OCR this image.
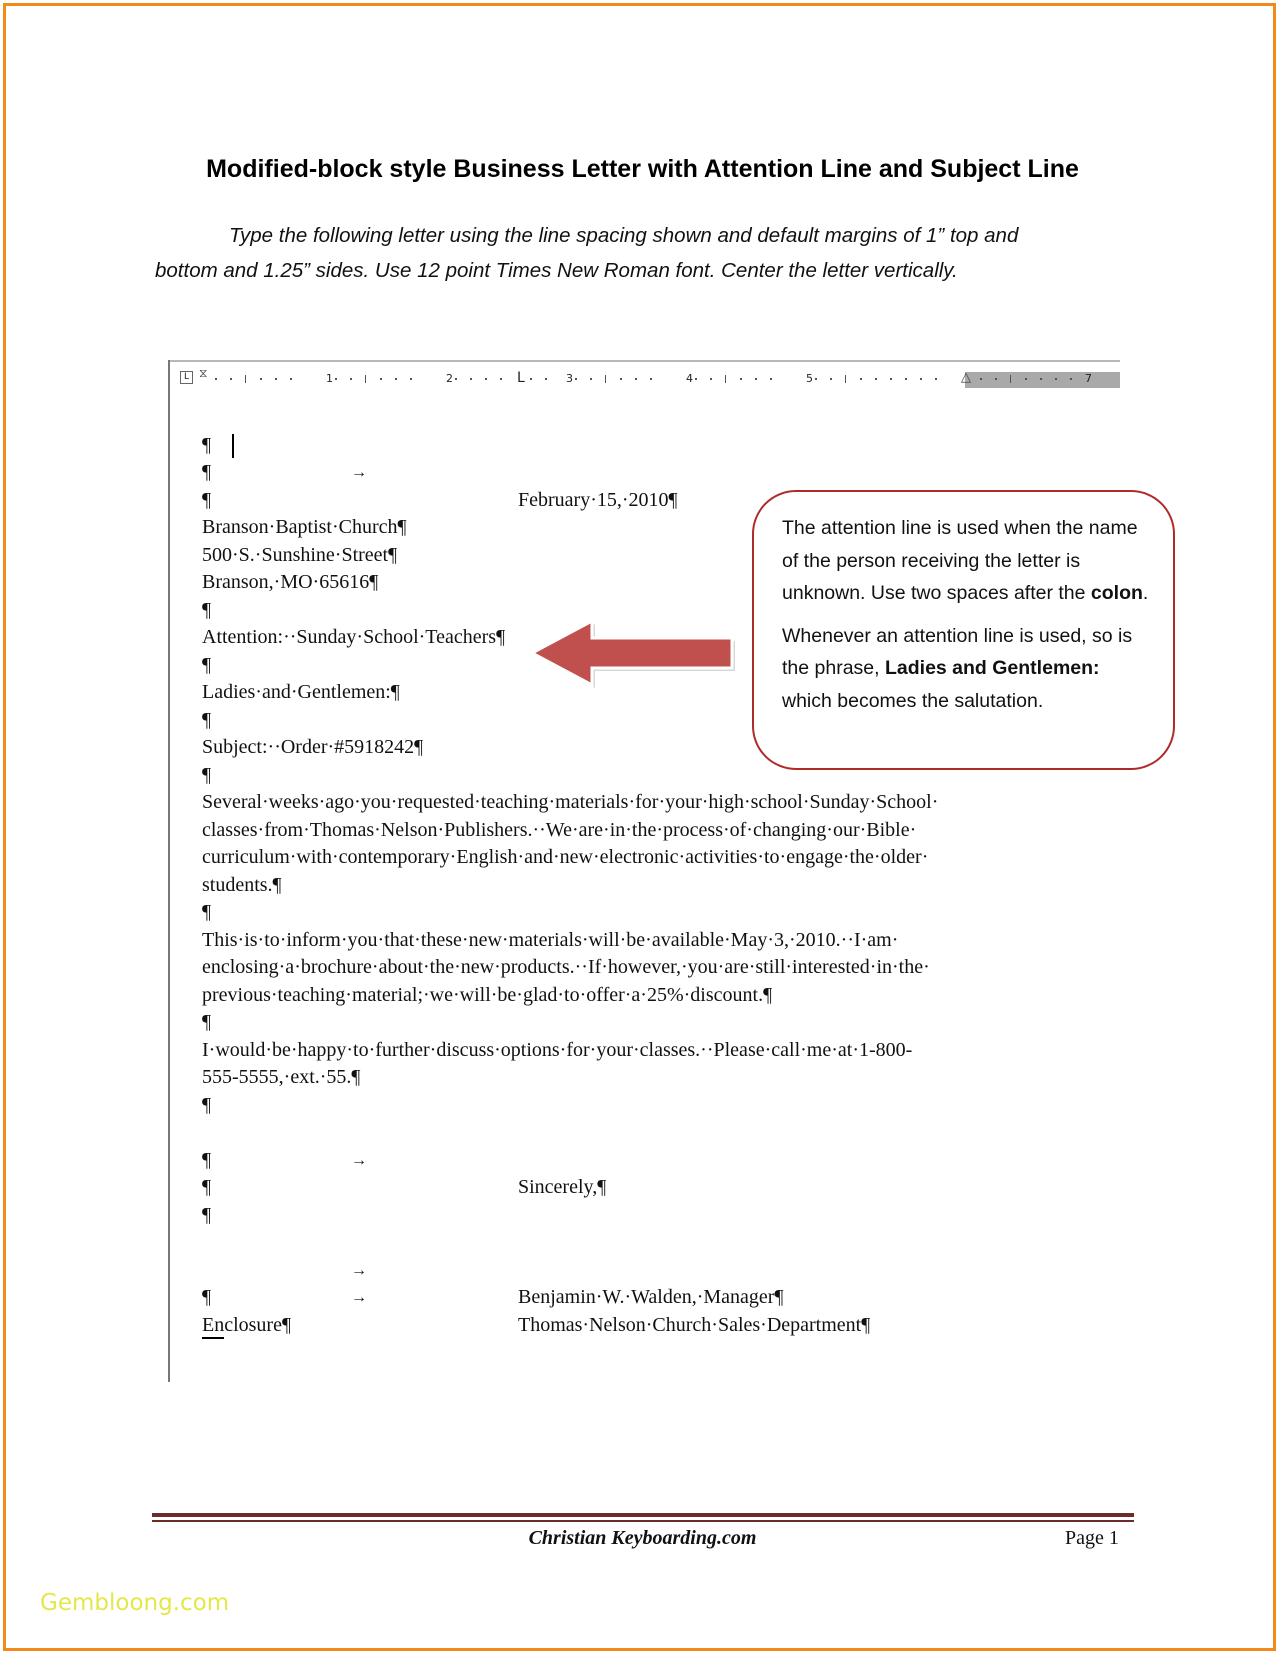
Modified-block style Business Letter with Attention Line and Subject Line
Type the following letter using the line spacing shown and default margins of 1” top and
bottom and 1.25” sides. Use 12 point Times New Roman font. Center the letter vertically.
L ⧖	1	2	L	3	4	5	△	7

→

February·15,·2010¶

¶
¶
¶
Branson·Baptist·Church¶
500·S.·Sunshine·Street¶
Branson,·MO·65616¶
¶
Attention:··Sunday·School·Teachers¶
¶
Ladies·and·Gentlemen:¶
¶
Subject:··Order·#5918242¶
¶
Several·weeks·ago·you·requested·teaching·materials·for·your·high·school·Sunday·School·
classes·from·Thomas·Nelson·Publishers.··We·are·in·the·process·of·changing·our·Bible·
curriculum·with·contemporary·English·and·new·electronic·activities·to·engage·the·older·
students.¶
¶
This·is·to·inform·you·that·these·new·materials·will·be·available·May·3,·2010.··I·am·
enclosing·a·brochure·about·the·new·products.··If·however,·you·are·still·interested·in·the·
previous·teaching·material;·we·will·be·glad·to·offer·a·25%·discount.¶
¶
I·would·be·happy·to·further·discuss·options·for·your·classes.··Please·call·me·at·1-800-
555-5555,·ext.·55.¶
¶

→

Sincerely,¶

¶
¶
¶

→

Benjamin·W.·Walden,·Manager¶

→

Thomas·Nelson·Church·Sales·Department¶

¶
Enclosure¶

The attention line is used when the name of the person receiving the letter is unknown. Use two spaces after the colon.

Whenever an attention line is used, so is the phrase, Ladies and Gentlemen: which becomes the salutation.

Christian Keyboarding.com	Page 1
Gembloong.com
